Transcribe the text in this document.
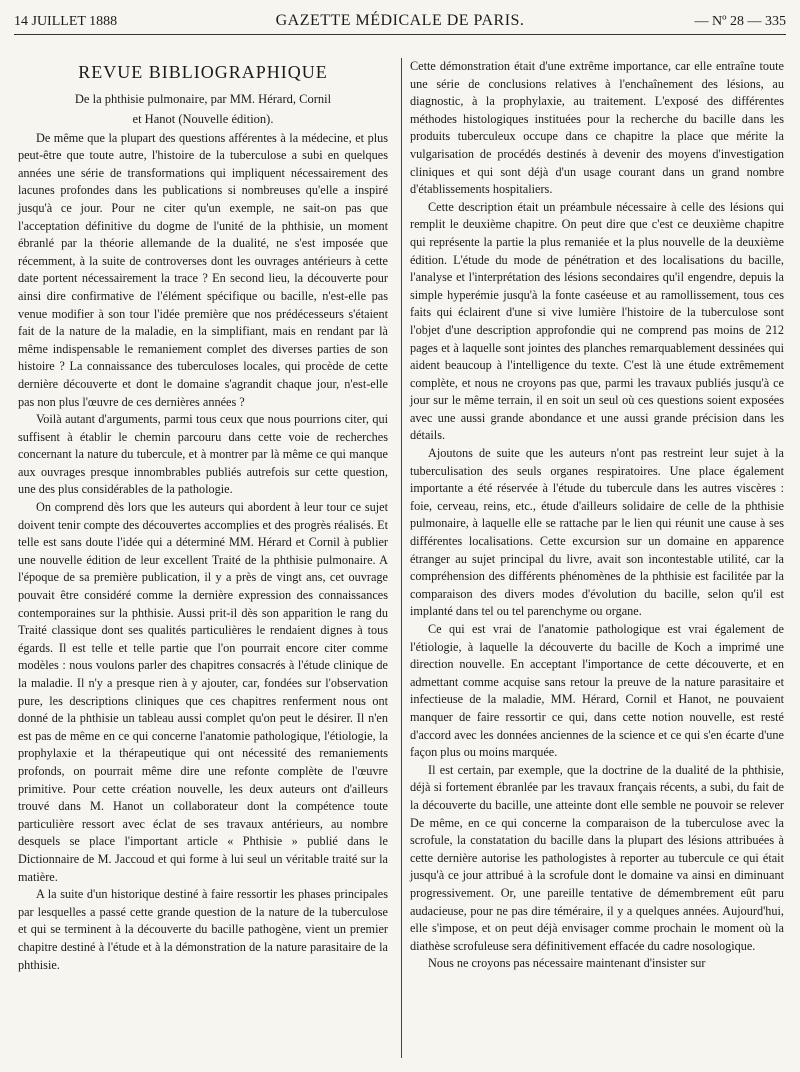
14 JUILLET 1888	GAZETTE MÉDICALE DE PARIS.	— Nº 28 — 335
REVUE BIBLIOGRAPHIQUE
De la phthisie pulmonaire, par MM. Hérard, Cornil
et Hanot (Nouvelle édition).

De même que la plupart des questions afférentes à la médecine, et plus peut-être que toute autre, l'histoire de la tuberculose a subi en quelques années une série de transformations qui impliquent nécessairement des lacunes profondes dans les publications si nombreuses qu'elle a inspiré jusqu'à ce jour. Pour ne citer qu'un exemple, ne sait-on pas que l'acceptation définitive du dogme de l'unité de la phthisie, un moment ébranlé par la théorie allemande de la dualité, ne s'est imposée que récemment, à la suite de controverses dont les ouvrages antérieurs à cette date portent nécessairement la trace ? En second lieu, la découverte pour ainsi dire confirmative de l'élément spécifique ou bacille, n'est-elle pas venue modifier à son tour l'idée première que nos prédécesseurs s'étaient fait de la nature de la maladie, en la simplifiant, mais en rendant par là même indispensable le remaniement complet des diverses parties de son histoire ? La connaissance des tuberculoses locales, qui procède de cette dernière découverte et dont le domaine s'agrandit chaque jour, n'est-elle pas non plus l'œuvre de ces dernières années ?

Voilà autant d'arguments, parmi tous ceux que nous pourrions citer, qui suffisent à établir le chemin parcouru dans cette voie de recherches concernant la nature du tubercule, et à montrer par là même ce qui manque aux ouvrages presque innombrables publiés autrefois sur cette question, une des plus considérables de la pathologie.

On comprend dès lors que les auteurs qui abordent à leur tour ce sujet doivent tenir compte des découvertes accomplies et des progrès réalisés. Et telle est sans doute l'idée qui a déterminé MM. Hérard et Cornil à publier une nouvelle édition de leur excellent Traité de la phthisie pulmonaire. A l'époque de sa première publication, il y a près de vingt ans, cet ouvrage pouvait être considéré comme la dernière expression des connaissances contemporaines sur la phthisie. Aussi prit-il dès son apparition le rang du Traité classique dont ses qualités particulières le rendaient dignes à tous égards. Il est telle et telle partie que l'on pourrait encore citer comme modèles : nous voulons parler des chapitres consacrés à l'étude clinique de la maladie. Il n'y a presque rien à y ajouter, car, fondées sur l'observation pure, les descriptions cliniques que ces chapitres renferment nous ont donné de la phthisie un tableau aussi complet qu'on peut le désirer. Il n'en est pas de même en ce qui concerne l'anatomie pathologique, l'étiologie, la prophylaxie et la thérapeutique qui ont nécessité des remaniements profonds, on pourrait même dire une refonte complète de l'œuvre primitive. Pour cette création nouvelle, les deux auteurs ont d'ailleurs trouvé dans M. Hanot un collaborateur dont la compétence toute particulière ressort avec éclat de ses travaux antérieurs, au nombre desquels se place l'important article « Phthisie » publié dans le Dictionnaire de M. Jaccoud et qui forme à lui seul un véritable traité sur la matière.

A la suite d'un historique destiné à faire ressortir les phases principales par lesquelles a passé cette grande question de la nature de la tuberculose et qui se terminent à la découverte du bacille pathogène, vient un premier chapitre destiné à l'étude et à la démonstration de la nature parasitaire de la phthisie.

Cette démonstration était d'une extrême importance, car elle entraîne toute une série de conclusions relatives à l'enchaînement des lésions, au diagnostic, à la prophylaxie, au traitement. L'exposé des différentes méthodes histologiques instituées pour la recherche du bacille dans les produits tuberculeux occupe dans ce chapitre la place que mérite la vulgarisation de procédés destinés à devenir des moyens d'investigation cliniques et qui sont déjà d'un usage courant dans un grand nombre d'établissements hospitaliers.

Cette description était un préambule nécessaire à celle des lésions qui remplit le deuxième chapitre. On peut dire que c'est ce deuxième chapitre qui représente la partie la plus remaniée et la plus nouvelle de la deuxième édition. L'étude du mode de pénétration et des localisations du bacille, l'analyse et l'interprétation des lésions secondaires qu'il engendre, depuis la simple hyperémie jusqu'à la fonte caséeuse et au ramollissement, tous ces faits qui éclairent d'une si vive lumière l'histoire de la tuberculose sont l'objet d'une description approfondie qui ne comprend pas moins de 212 pages et à laquelle sont jointes des planches remarquablement dessinées qui aident beaucoup à l'intelligence du texte. C'est là une étude extrêmement complète, et nous ne croyons pas que, parmi les travaux publiés jusqu'à ce jour sur le même terrain, il en soit un seul où ces questions soient exposées avec une aussi grande abondance et une aussi grande précision dans les détails.

Ajoutons de suite que les auteurs n'ont pas restreint leur sujet à la tuberculisation des seuls organes respiratoires. Une place également importante a été réservée à l'étude du tubercule dans les autres viscères : foie, cerveau, reins, etc., étude d'ailleurs solidaire de celle de la phthisie pulmonaire, à laquelle elle se rattache par le lien qui réunit une cause à ses différentes localisations. Cette excursion sur un domaine en apparence étranger au sujet principal du livre, avait son incontestable utilité, car la compréhension des différents phénomènes de la phthisie est facilitée par la comparaison des divers modes d'évolution du bacille, selon qu'il est implanté dans tel ou tel parenchyme ou organe.

Ce qui est vrai de l'anatomie pathologique est vrai également de l'étiologie, à laquelle la découverte du bacille de Koch a imprimé une direction nouvelle. En acceptant l'importance de cette découverte, et en admettant comme acquise sans retour la preuve de la nature parasitaire et infectieuse de la maladie, MM. Hérard, Cornil et Hanot, ne pouvaient manquer de faire ressortir ce qui, dans cette notion nouvelle, est resté d'accord avec les données anciennes de la science et ce qui s'en écarte d'une façon plus ou moins marquée.

Il est certain, par exemple, que la doctrine de la dualité de la phthisie, déjà si fortement ébranlée par les travaux français récents, a subi, du fait de la découverte du bacille, une atteinte dont elle semble ne pouvoir se relever De même, en ce qui concerne la comparaison de la tuberculose avec la scrofule, la constatation du bacille dans la plupart des lésions attribuées à cette dernière autorise les pathologistes à reporter au tubercule ce qui était jusqu'à ce jour attribué à la scrofule dont le domaine va ainsi en diminuant progressivement. Or, une pareille tentative de démembrement eût paru audacieuse, pour ne pas dire téméraire, il y a quelques années. Aujourd'hui, elle s'impose, et on peut déjà envisager comme prochain le moment où la diathèse scrofuleuse sera définitivement effacée du cadre nosologique.

Nous ne croyons pas nécessaire maintenant d'insister sur
